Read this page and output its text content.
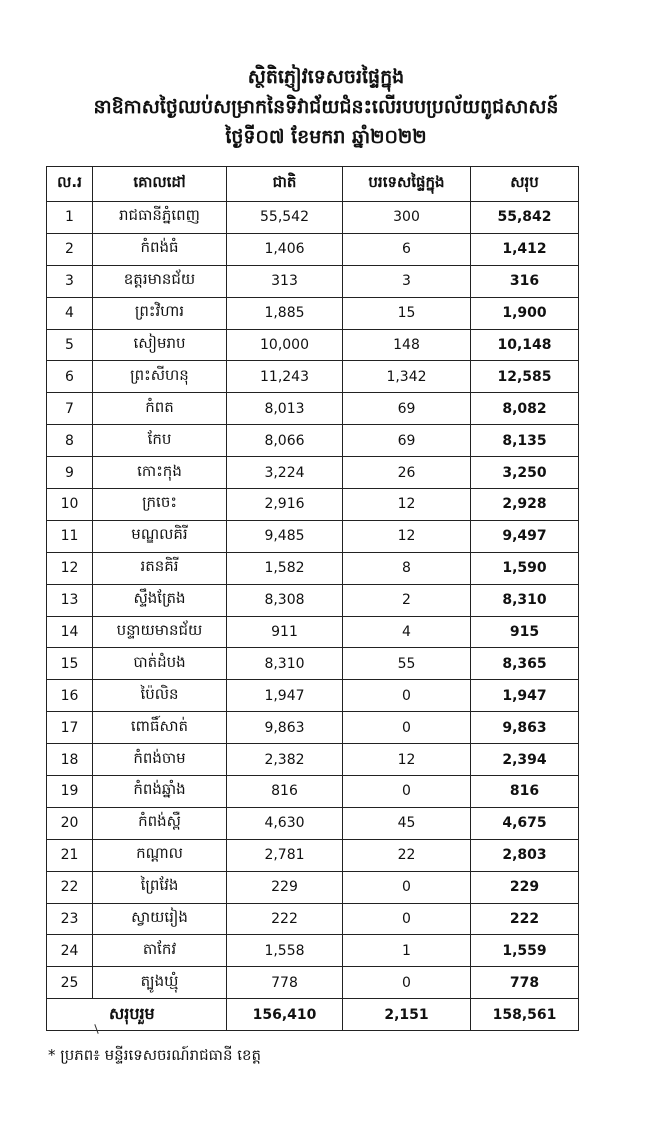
ស្ថិតិភ្ញៀវទេសចរផ្ទៃក្នុង
នាឱកាសថ្ងៃឈប់សម្រាកនៃទិវាជ័យជំនះលើរបបប្រល័យពូជសាសន៍
ថ្ងៃទី០៧ ខែមករា ឆ្នាំ២០២២
ល.រ	គោលដៅ	ជាតិ	បរទេសផ្ទៃក្នុង	សរុប
1	រាជធានីភ្នំពេញ	55,542	300	55,842
2	កំពង់ធំ	1,406	6	1,412
3	ឧត្តរមានជ័យ	313	3	316
4	ព្រះវិហារ	1,885	15	1,900
5	សៀមរាប	10,000	148	10,148
6	ព្រះសីហនុ	11,243	1,342	12,585
7	កំពត	8,013	69	8,082
8	កែប	8,066	69	8,135
9	កោះកុង	3,224	26	3,250
10	ក្រចេះ	2,916	12	2,928
11	មណ្ឌលគិរី	9,485	12	9,497
12	រតនគិរី	1,582	8	1,590
13	ស្ទឹងត្រែង	8,308	2	8,310
14	បន្ទាយមានជ័យ	911	4	915
15	បាត់ដំបង	8,310	55	8,365
16	ប៉ៃលិន	1,947	0	1,947
17	ពោធិ៍សាត់	9,863	0	9,863
18	កំពង់ចាម	2,382	12	2,394
19	កំពង់ឆ្នាំង	816	0	816
20	កំពង់ស្ពឺ	4,630	45	4,675
21	កណ្តាល	2,781	22	2,803
22	ព្រៃវែង	229	0	229
23	ស្វាយរៀង	222	0	222
24	តាកែវ	1,558	1	1,559
25	ត្បូងឃ្មុំ	778	0	778
សរុបរួម		156,410	2,151	158,561
* ប្រភព៖ មន្ទីរទេសចរណ៍រាជធានី ខេត្ត
